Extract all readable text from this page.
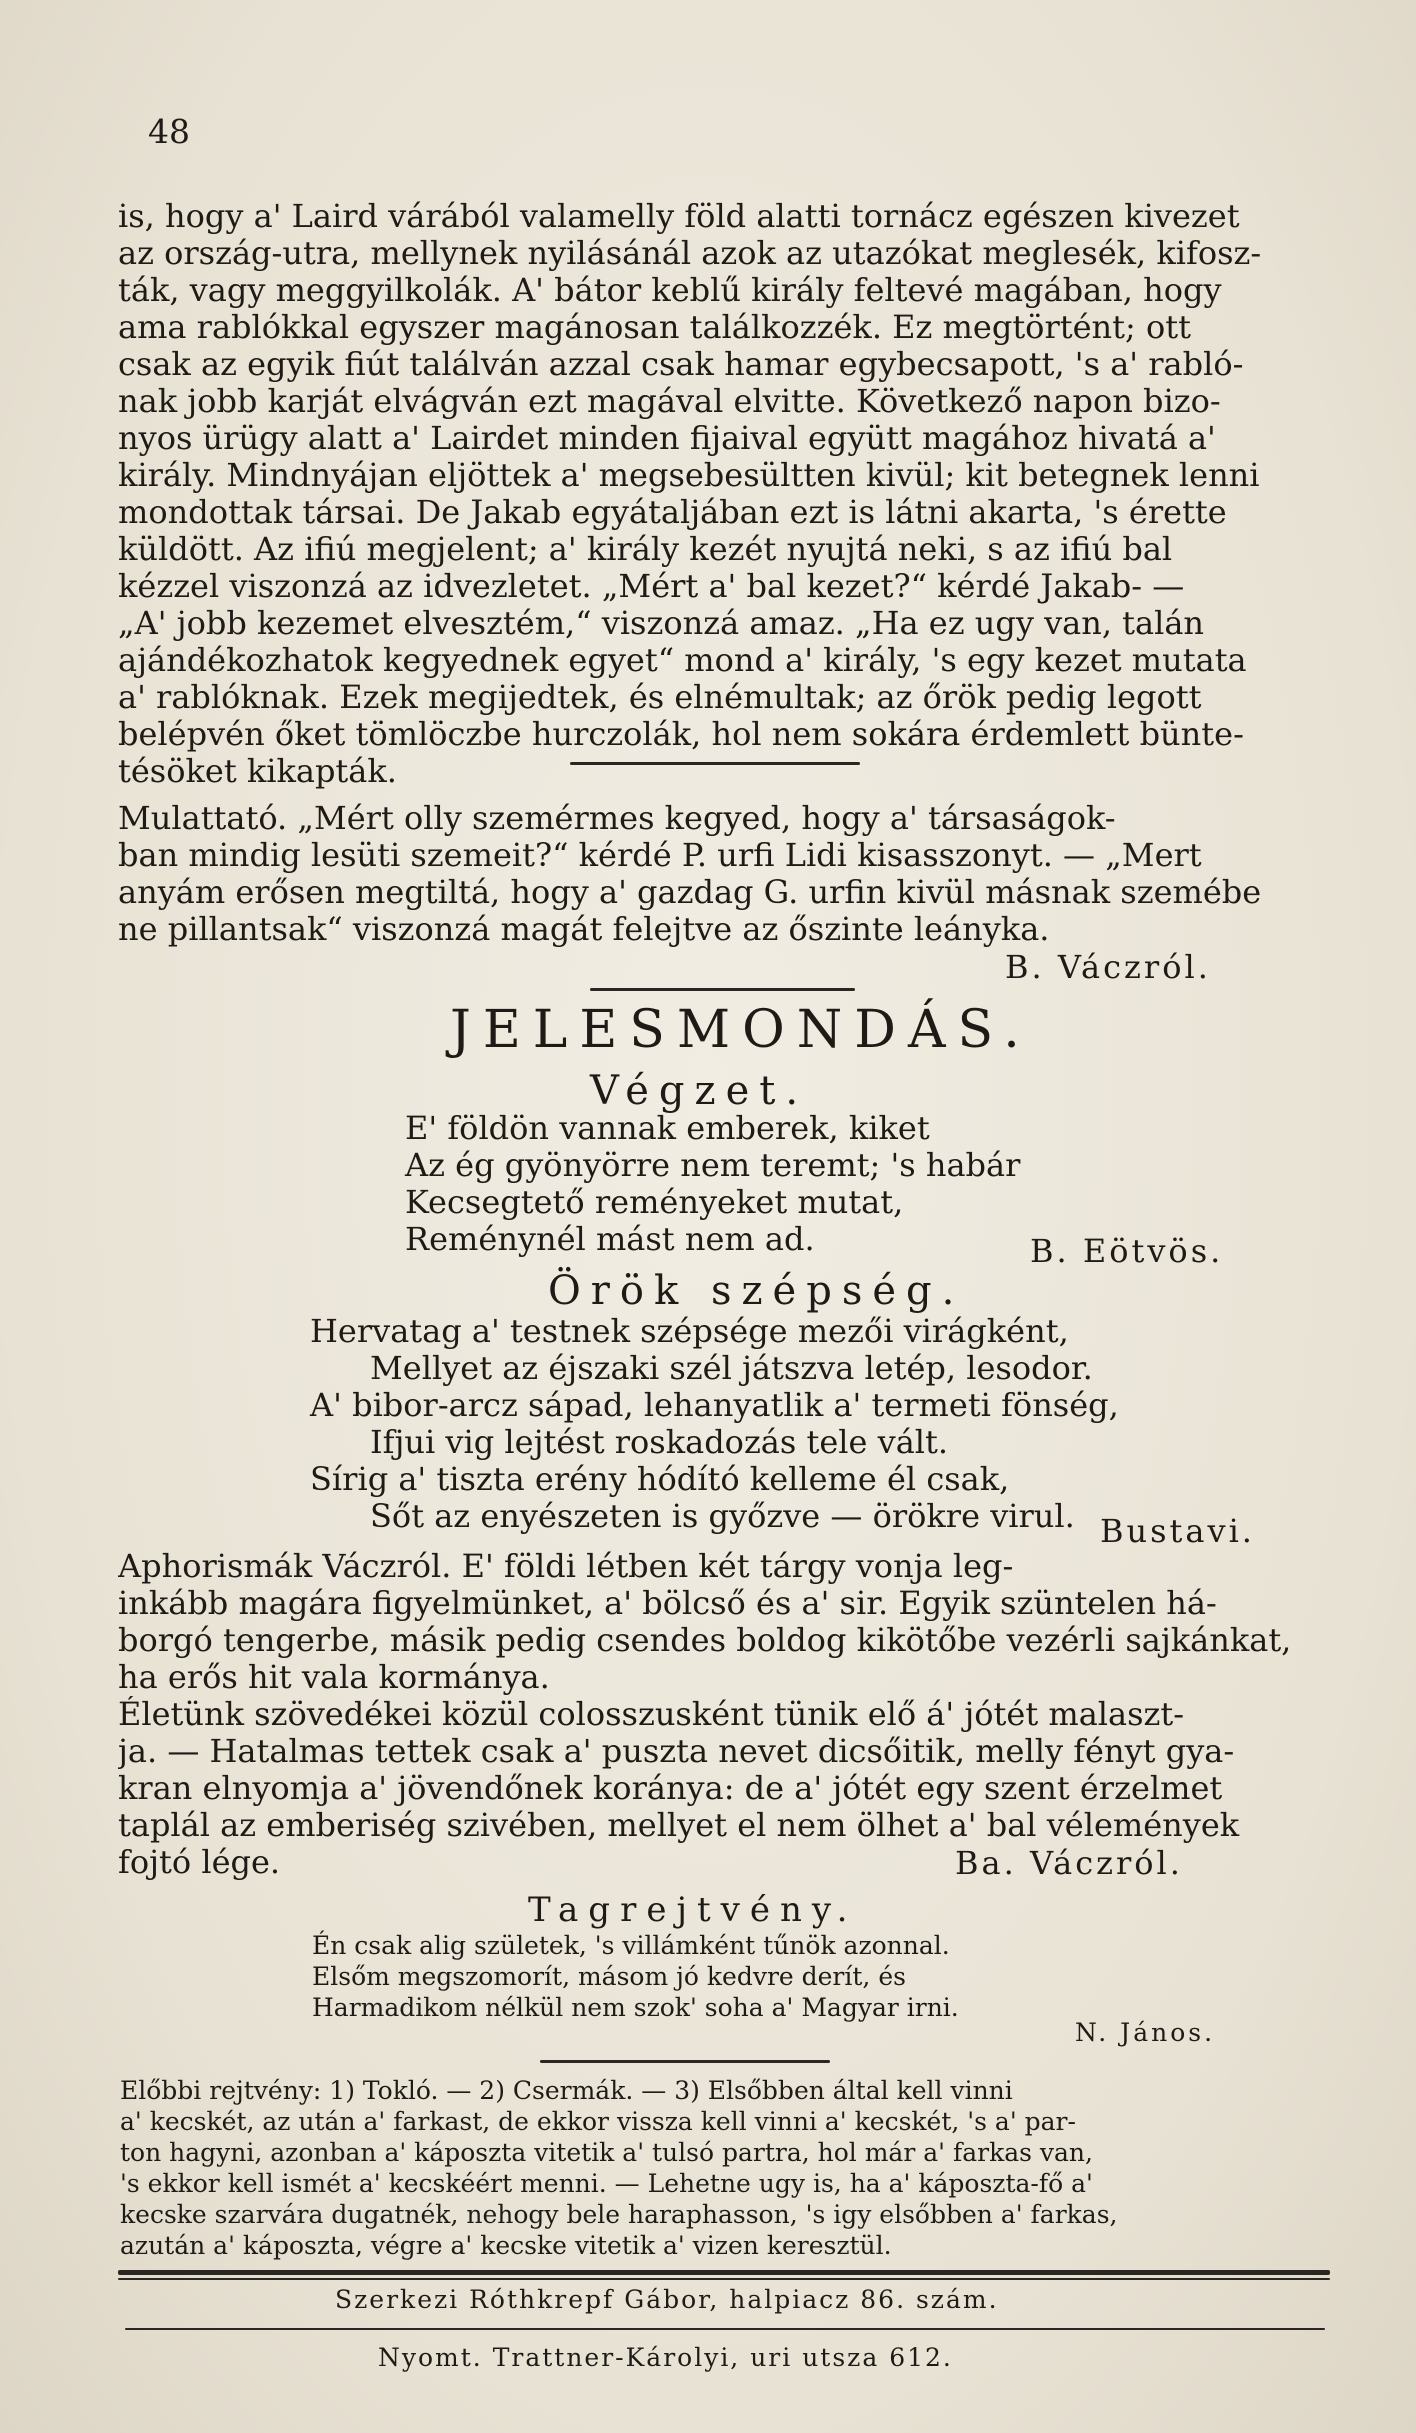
48
is, hogy a' Laird várából valamelly föld alatti tornácz egészen kivezet
az ország-utra, mellynek nyilásánál azok az utazókat meglesék, kifosz-
ták, vagy meggyilkolák. A' bátor keblű király feltevé magában, hogy
ama rablókkal egyszer magánosan találkozzék. Ez megtörtént; ott
csak az egyik fiút találván azzal csak hamar egybecsapott, 's a' rabló-
nak jobb karját elvágván ezt magával elvitte. Következő napon bizo-
nyos ürügy alatt a' Lairdet minden fijaival együtt magához hivatá a'
király. Mindnyájan eljöttek a' megsebesültten kivül; kit betegnek lenni
mondottak társai. De Jakab egyátaljában ezt is látni akarta, 's érette
küldött. Az ifiú megjelent; a' király kezét nyujtá neki, s az ifiú bal
kézzel viszonzá az idvezletet. „Mért a' bal kezet?“ kérdé Jakab- —
„A' jobb kezemet elvesztém,“ viszonzá amaz. „Ha ez ugy van, talán
ajándékozhatok kegyednek egyet“ mond a' király, 's egy kezet mutata
a' rablóknak. Ezek megijedtek, és elnémultak; az őrök pedig legott
belépvén őket tömlöczbe hurczolák, hol nem sokára érdemlett bünte-
tésöket kikapták.
Mulattató. „Mért olly szemérmes kegyed, hogy a' társaságok-
ban mindig lesüti szemeit?“ kérdé P. urfi Lidi kisasszonyt. — „Mert
anyám erősen megtiltá, hogy a' gazdag G. urfin kivül másnak szemébe
ne pillantsak“ viszonzá magát felejtve az őszinte leányka.
B. Váczról.
JELESMONDÁS.
Végzet.
E' földön vannak emberek, kiket
Az ég gyönyörre nem teremt; 's habár
Kecsegtető reményeket mutat,
Reménynél mást nem ad.	B. Eötvös.
Örök szépség.
Hervatag a' testnek szépsége mezői virágként,
Mellyet az éjszaki szél játszva letép, lesodor.
A' bibor-arcz sápad, lehanyatlik a' termeti fönség,
Ifjui vig lejtést roskadozás tele vált.
Sírig a' tiszta erény hódító kelleme él csak,
Sőt az enyészeten is győzve — örökre virul. Bustavi.
Aphorismák Váczról. E' földi létben két tárgy vonja leg-
inkább magára figyelmünket, a' bölcső és a' sir. Egyik szüntelen há-
borgó tengerbe, másik pedig csendes boldog kikötőbe vezérli sajkánkat,
ha erős hit vala kormánya.
Életünk szövedékei közül colosszusként tünik elő á' jótét malaszt-
ja. — Hatalmas tettek csak a' puszta nevet dicsőitik, melly fényt gya-
kran elnyomja a' jövendőnek koránya: de a' jótét egy szent érzelmet
taplál az emberiség szivében, mellyet el nem ölhet a' bal vélemények
fojtó lége.	Ba. Váczról.
Tagrejtvény.
Én csak alig születek, 's villámként tűnök azonnal.
Elsőm megszomorít, másom jó kedvre derít, és
Harmadikom nélkül nem szok' soha a' Magyar irni.
N. János.
Előbbi rejtvény: 1) Tokló. — 2) Csermák. — 3) Elsőbben által kell vinni
a' kecskét, az után a' farkast, de ekkor vissza kell vinni a' kecskét, 's a' par-
ton hagyni, azonban a' káposzta vitetik a' tulsó partra, hol már a' farkas van,
's ekkor kell ismét a' kecskéért menni. — Lehetne ugy is, ha a' káposzta-fő a'
kecske szarvára dugatnék, nehogy bele haraphasson, 's igy elsőbben a' farkas,
azután a' káposzta, végre a' kecske vitetik a' vizen keresztül.
Szerkezi Róthkrepf Gábor, halpiacz 86. szám.
Nyomt. Trattner-Károlyi, uri utsza 612.
